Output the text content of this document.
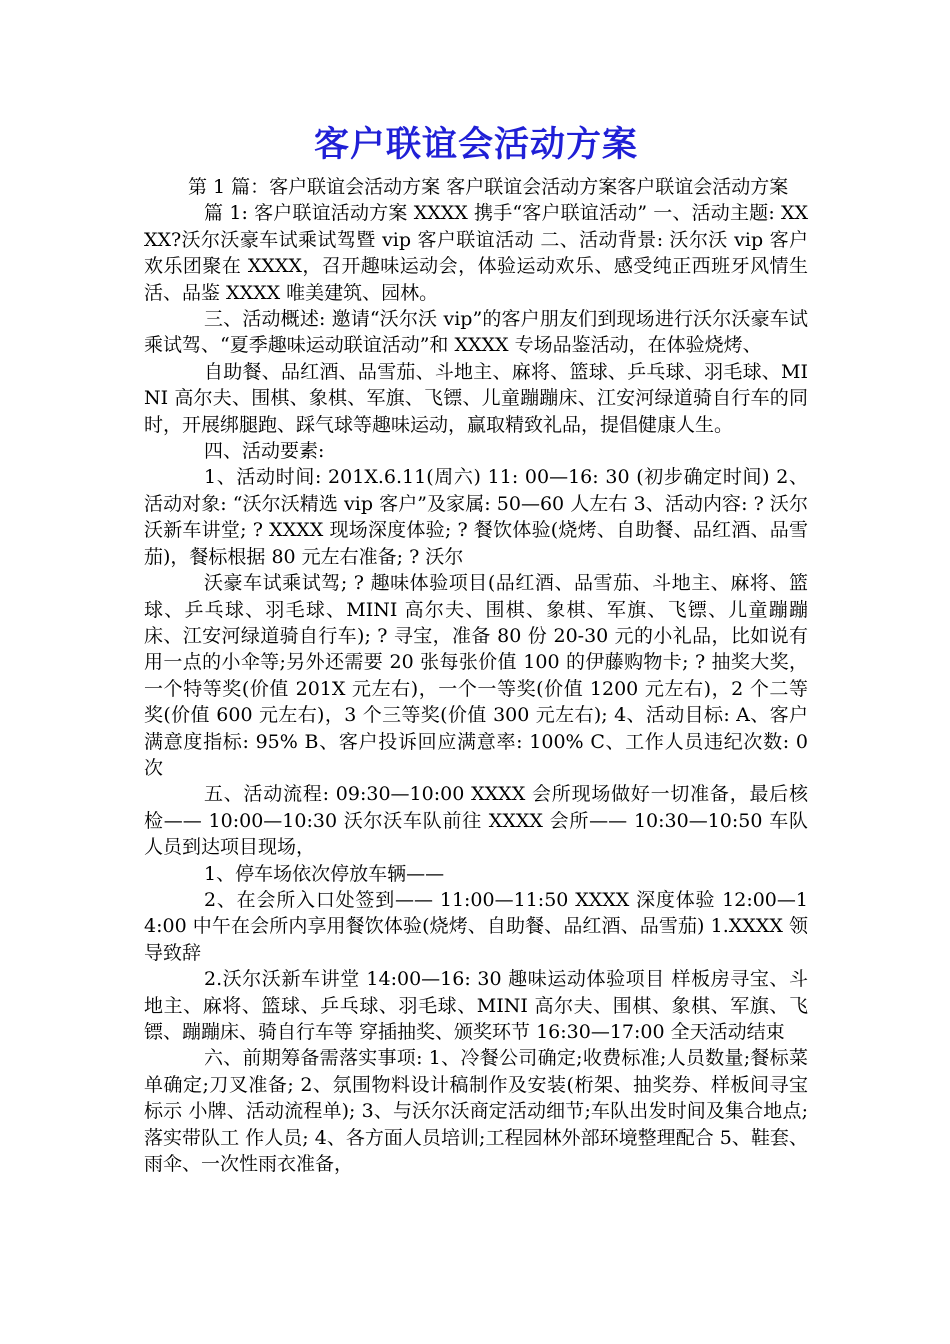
客户联谊会活动方案

第 1 篇：客户联谊会活动方案 客户联谊会活动方案客户联谊会活动方案

篇 1: 客户联谊活动方案 XXXX 携手“客户联谊活动” 一、活动主题: XXXX?沃尔沃豪车试乘试驾暨 vip 客户联谊活动 二、活动背景: 沃尔沃 vip 客户欢乐团聚在 XXXX，召开趣味运动会，体验运动欢乐、感受纯正西班牙风情生活、品鉴 XXXX 唯美建筑、园林。

三、活动概述: 邀请“沃尔沃 vip”的客户朋友们到现场进行沃尔沃豪车试乘试驾、“夏季趣味运动联谊活动”和 XXXX 专场品鉴活动，在体验烧烤、

自助餐、品红酒、品雪茄、斗地主、麻将、篮球、乒乓球、羽毛球、MINI 高尔夫、围棋、象棋、军旗、飞镖、儿童蹦蹦床、江安河绿道骑自行车的同时，开展绑腿跑、踩气球等趣味运动，赢取精致礼品，提倡健康人生。

四、活动要素:

1、活动时间: 201X.6.11(周六) 11: 00—16: 30 (初步确定时间) 2、活动对象: “沃尔沃精选 vip 客户”及家属: 50—60 人左右 3、活动内容: ? 沃尔沃新车讲堂; ? XXXX 现场深度体验; ? 餐饮体验(烧烤、自助餐、品红酒、品雪茄)，餐标根据 80 元左右准备; ? 沃尔

沃豪车试乘试驾; ? 趣味体验项目(品红酒、品雪茄、斗地主、麻将、篮球、乒乓球、羽毛球、MINI 高尔夫、围棋、象棋、军旗、飞镖、儿童蹦蹦床、江安河绿道骑自行车); ? 寻宝，准备 80 份 20-30 元的小礼品，比如说有用一点的小伞等;另外还需要 20 张每张价值 100 的伊藤购物卡; ? 抽奖大奖，一个特等奖(价值 201X 元左右)，一个一等奖(价值 1200 元左右)，2 个二等奖(价值 600 元左右)，3 个三等奖(价值 300 元左右); 4、活动目标: A、客户满意度指标: 95% B、客户投诉回应满意率: 100% C、工作人员违纪次数: 0 次

五、活动流程: 09:30—10:00 XXXX 会所现场做好一切准备，最后核检—— 10:00—10:30 沃尔沃车队前往 XXXX 会所—— 10:30—10:50 车队人员到达项目现场，

1、停车场依次停放车辆——

2、在会所入口处签到—— 11:00—11:50 XXXX 深度体验 12:00—14:00 中午在会所内享用餐饮体验(烧烤、自助餐、品红酒、品雪茄) 1.XXXX 领导致辞

2.沃尔沃新车讲堂 14:00—16: 30 趣味运动体验项目 样板房寻宝、斗地主、麻将、篮球、乒乓球、羽毛球、MINI 高尔夫、围棋、象棋、军旗、飞镖、蹦蹦床、骑自行车等 穿插抽奖、颁奖环节 16:30—17:00 全天活动结束

六、前期筹备需落实事项: 1、冷餐公司确定;收费标准;人员数量;餐标菜单确定;刀叉准备; 2、氛围物料设计稿制作及安装(桁架、抽奖券、样板间寻宝标示 小牌、活动流程单); 3、与沃尔沃商定活动细节;车队出发时间及集合地点;落实带队工 作人员; 4、各方面人员培训;工程园林外部环境整理配合 5、鞋套、雨伞、一次性雨衣准备，
